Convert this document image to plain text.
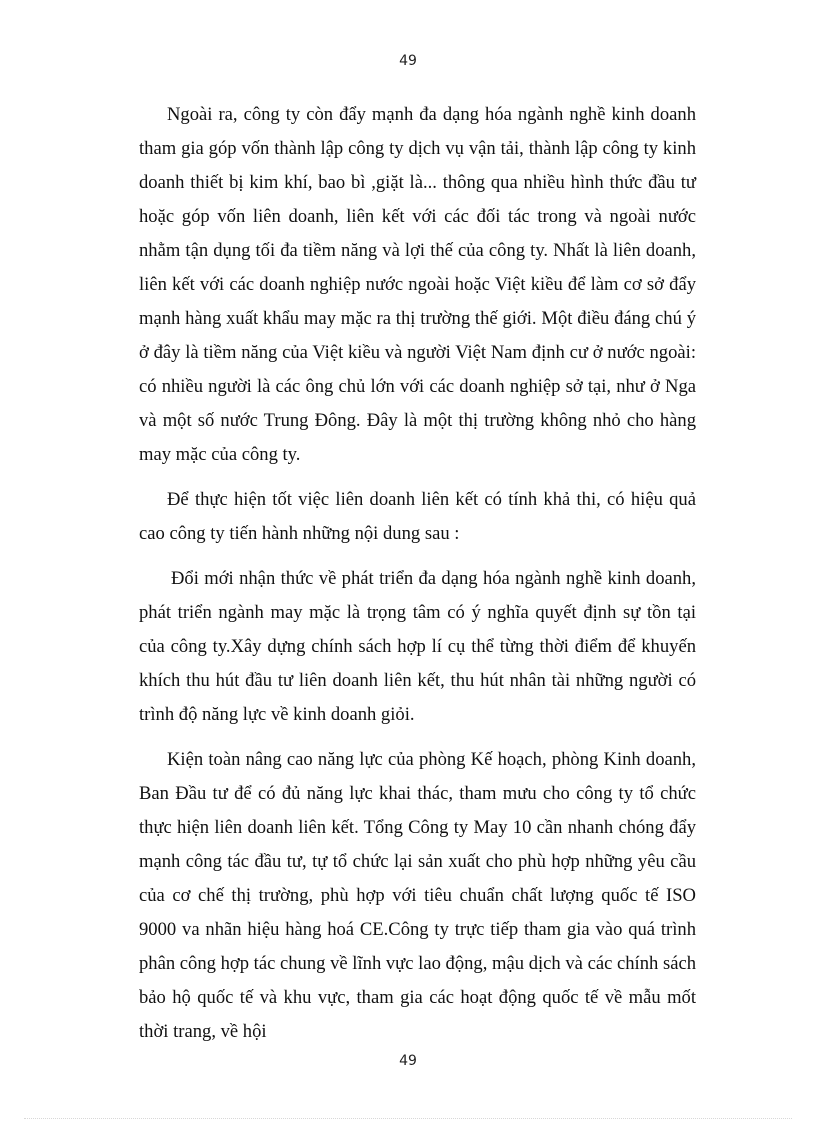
49

Ngoài ra, công ty còn đẩy mạnh đa dạng hóa ngành nghề kinh doanh tham gia góp vốn thành lập công ty dịch vụ vận tải, thành lập công ty kinh doanh thiết bị kim khí, bao bì ,giặt là... thông qua nhiều hình thức đầu tư hoặc góp vốn liên doanh, liên kết với các đối tác trong và ngoài nước nhằm tận dụng tối đa tiềm năng và lợi thế của công ty. Nhất là liên doanh, liên kết với các doanh nghiệp nước ngoài hoặc Việt kiều để làm cơ sở đẩy mạnh hàng xuất khẩu may mặc ra thị trường thế giới. Một điều đáng chú ý ở đây là tiềm năng của Việt kiều và người Việt Nam định cư ở nước ngoài: có nhiều người là các ông chủ lớn với các doanh nghiệp sở tại, như ở Nga và một số nước Trung Đông. Đây là một thị trường không nhỏ cho hàng may mặc của công ty.

Để thực hiện tốt việc liên doanh liên kết có tính khả thi, có hiệu quả cao công ty tiến hành những nội dung sau :

Đổi mới nhận thức về phát triển đa dạng hóa ngành nghề kinh doanh, phát triển ngành may mặc là trọng tâm có ý nghĩa quyết định sự tồn tại của công ty.Xây dựng chính sách hợp lí cụ thể từng thời điểm để khuyến khích thu hút đầu tư liên doanh liên kết, thu hút nhân tài những người có trình độ năng lực về kinh doanh giỏi.

Kiện toàn nâng cao năng lực của phòng Kế hoạch, phòng Kinh doanh, Ban Đầu tư để có đủ năng lực khai thác, tham mưu cho công ty tổ chức thực hiện liên doanh liên kết. Tổng Công ty May 10 cần nhanh chóng đẩy mạnh công tác đầu tư, tự tổ chức lại sản xuất cho phù hợp những yêu cầu của cơ chế thị trường, phù hợp với tiêu chuẩn chất lượng quốc tế ISO 9000 va nhãn hiệu hàng hoá CE.Công ty trực tiếp tham gia vào quá trình phân công hợp tác chung về lĩnh vực lao động, mậu dịch và các chính sách bảo hộ quốc tế và khu vực, tham gia các hoạt động quốc tế về mẫu mốt thời trang, về hội

49
